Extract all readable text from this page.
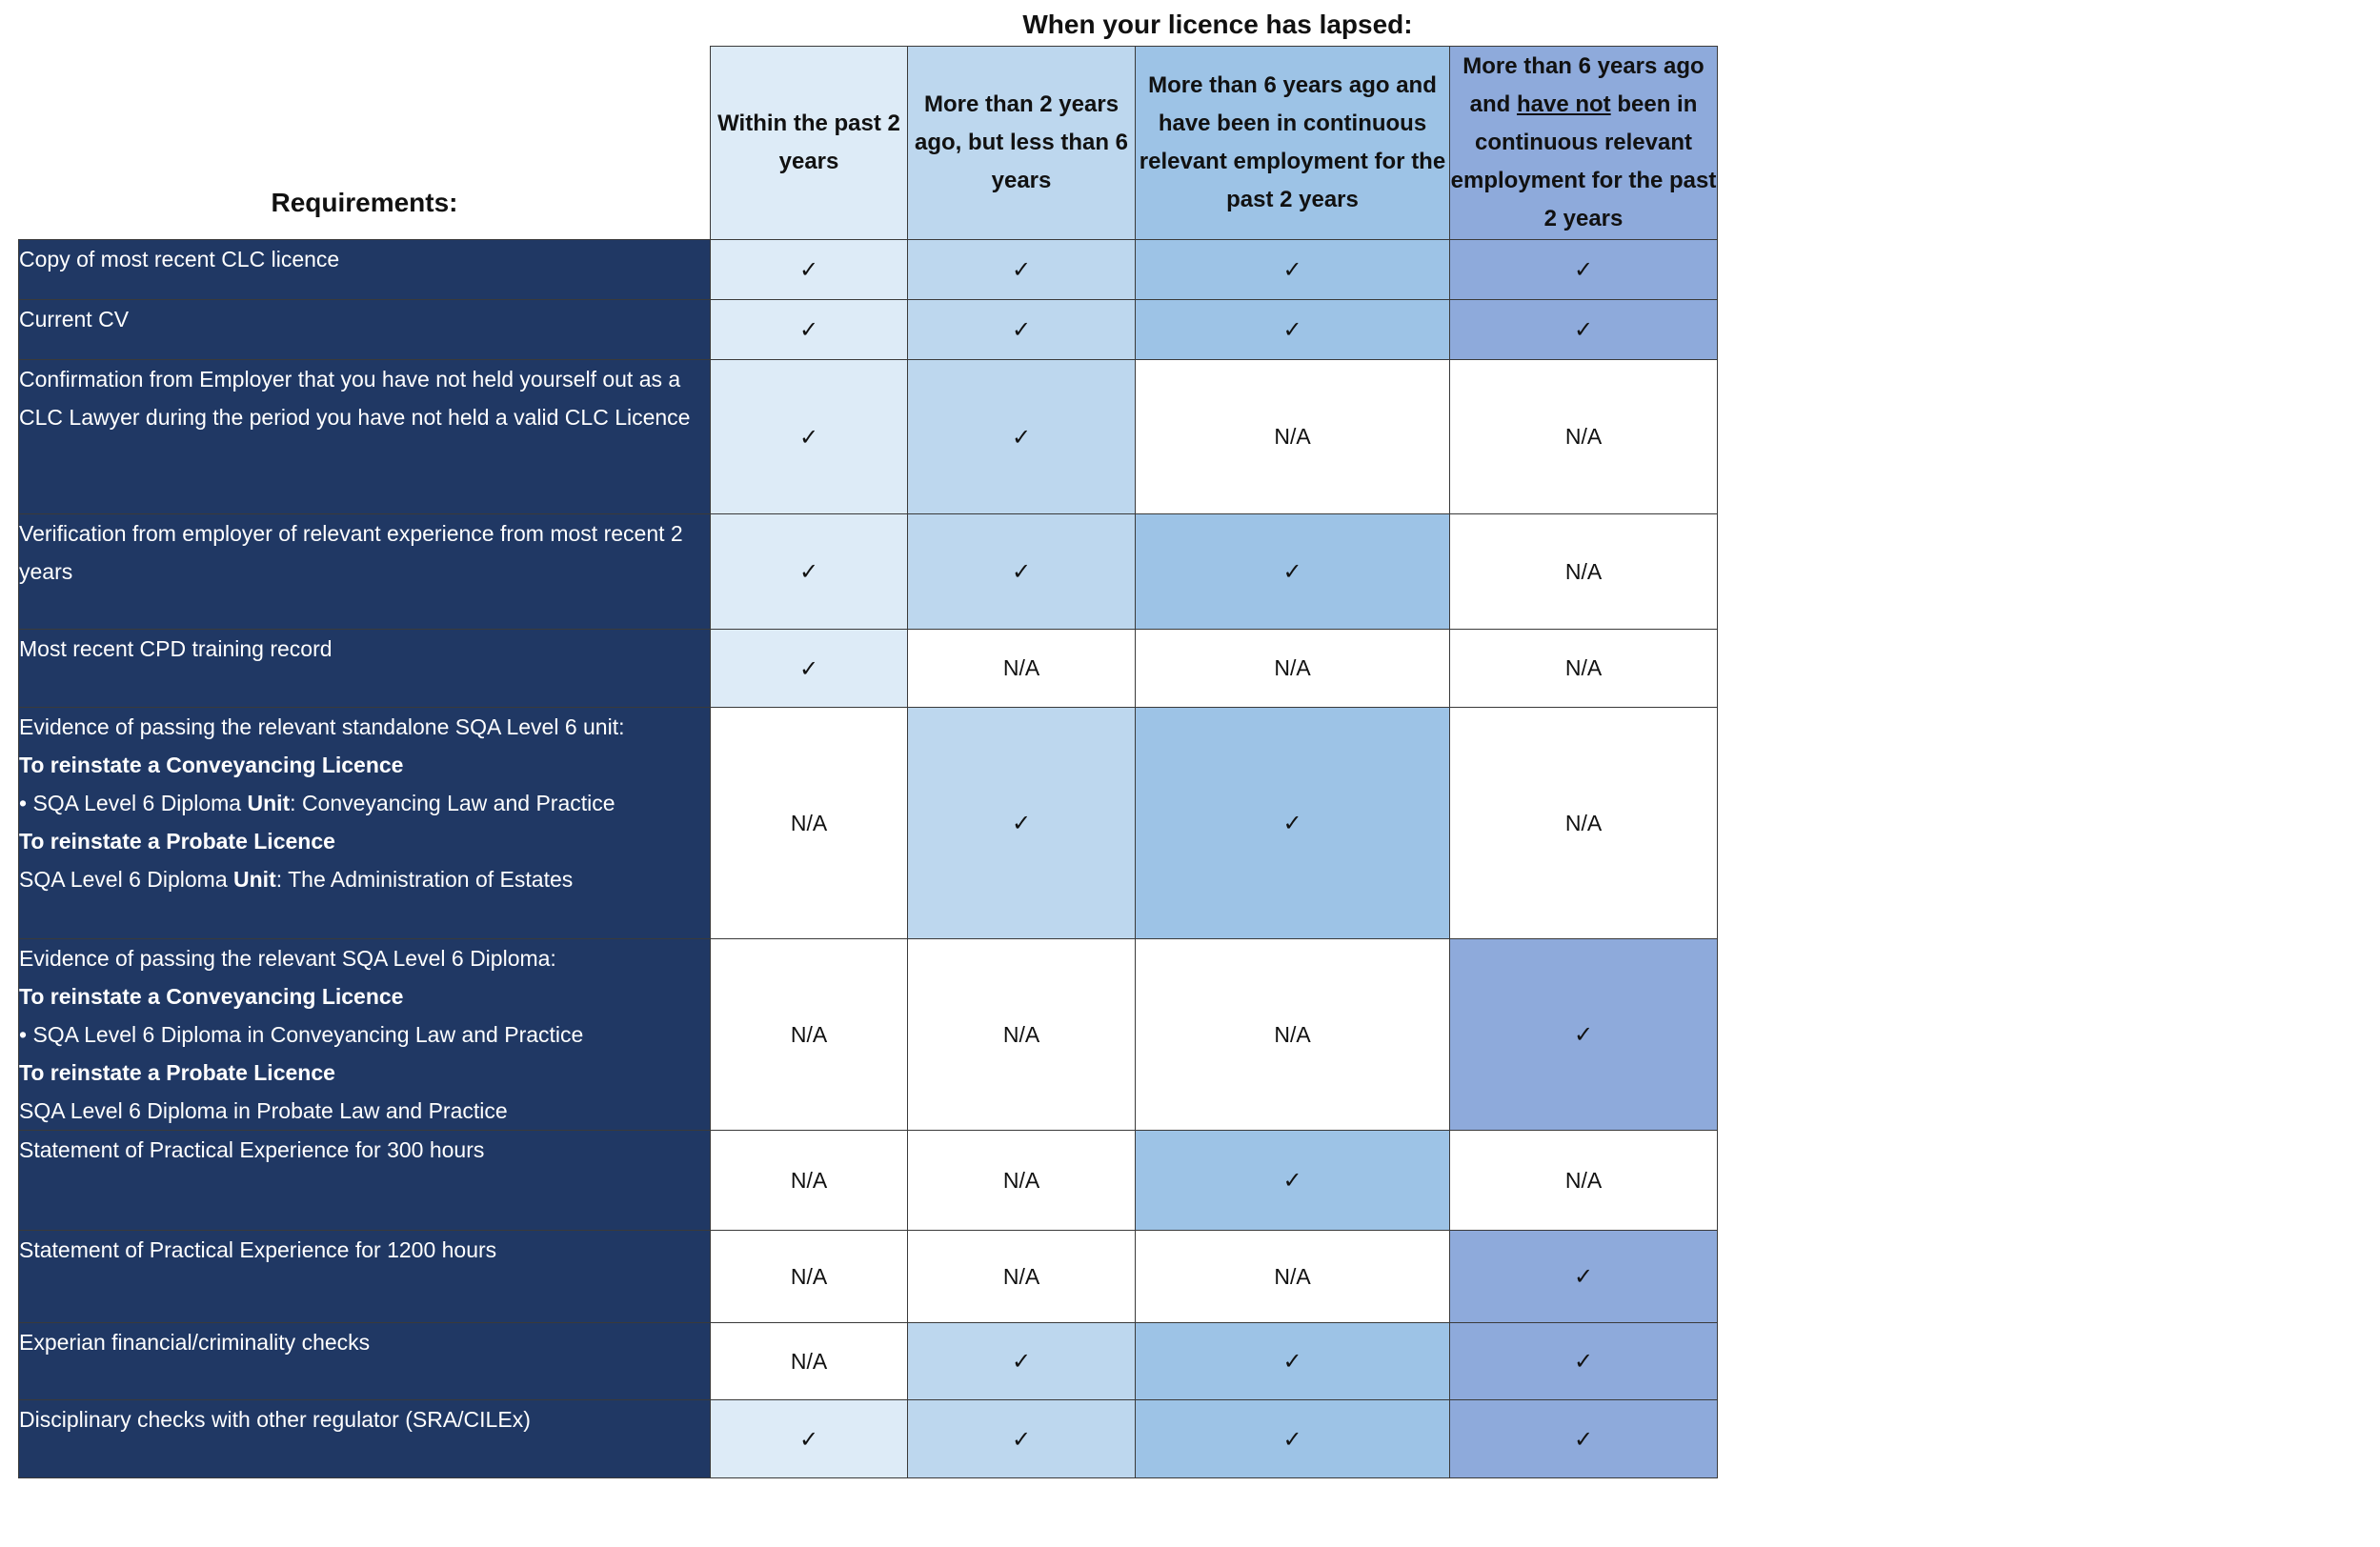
When your licence has lapsed:
Requirements:
	Within the past 2 years	More than 2 years ago, but less than 6 years	More than 6 years ago and have been in continuous relevant employment for the past 2 years	More than 6 years ago and have not been in continuous relevant employment for the past 2 years
Copy of most recent CLC licence	✓	✓	✓	✓
Current CV	✓	✓	✓	✓
Confirmation from Employer that you have not held yourself out as a CLC Lawyer during the period you have not held a valid CLC Licence	✓	✓	N/A	N/A
Verification from employer of relevant experience from most recent 2 years	✓	✓	✓	N/A
Most recent CPD training record	✓	N/A	N/A	N/A

Evidence of passing the relevant standalone SQA Level 6 unit:
To reinstate a Conveyancing Licence
• SQA Level 6 Diploma Unit: Conveyancing Law and Practice
To reinstate a Probate Licence
SQA Level 6 Diploma Unit: The Administration of Estates	N/A	✓	✓	N/A

Evidence of passing the relevant SQA Level 6 Diploma:
To reinstate a Conveyancing Licence
• SQA Level 6 Diploma in Conveyancing Law and Practice
To reinstate a Probate Licence
SQA Level 6 Diploma in Probate Law and Practice	N/A	N/A	N/A	✓
Statement of Practical Experience for 300 hours	N/A	N/A	✓	N/A
Statement of Practical Experience for 1200 hours	N/A	N/A	N/A	✓
Experian financial/criminality checks	N/A	✓	✓	✓
Disciplinary checks with other regulator (SRA/CILEx)	✓	✓	✓	✓
